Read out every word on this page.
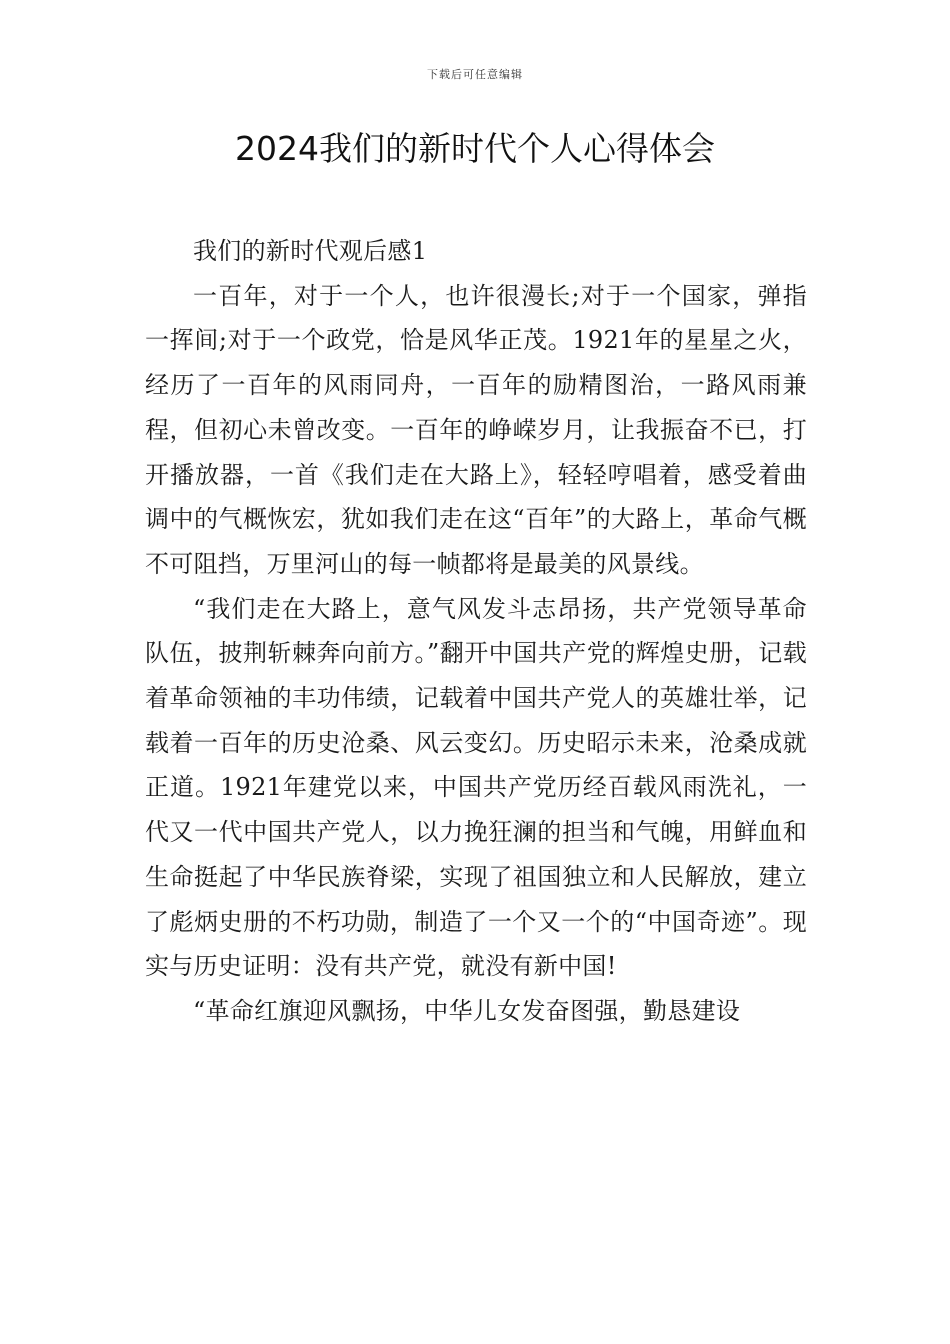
下载后可任意编辑
2024我们的新时代个人心得体会

我们的新时代观后感1

一百年，对于一个人，也许很漫长;对于一个国家，弹指一挥间;对于一个政党，恰是风华正茂。1921年的星星之火，经历了一百年的风雨同舟，一百年的励精图治，一路风雨兼程，但初心未曾改变。一百年的峥嵘岁月，让我振奋不已，打开播放器，一首《我们走在大路上》，轻轻哼唱着，感受着曲调中的气概恢宏，犹如我们走在这“百年”的大路上，革命气概不可阻挡，万里河山的每一帧都将是最美的风景线。

“我们走在大路上，意气风发斗志昂扬，共产党领导革命队伍，披荆斩棘奔向前方。”翻开中国共产党的辉煌史册，记载着革命领袖的丰功伟绩，记载着中国共产党人的英雄壮举，记载着一百年的历史沧桑、风云变幻。历史昭示未来，沧桑成就正道。1921年建党以来，中国共产党历经百载风雨洗礼，一代又一代中国共产党人，以力挽狂澜的担当和气魄，用鲜血和生命挺起了中华民族脊梁，实现了祖国独立和人民解放，建立了彪炳史册的不朽功勋，制造了一个又一个的“中国奇迹”。现实与历史证明：没有共产党，就没有新中国!

“革命红旗迎风飘扬，中华儿女发奋图强，勤恳建设
